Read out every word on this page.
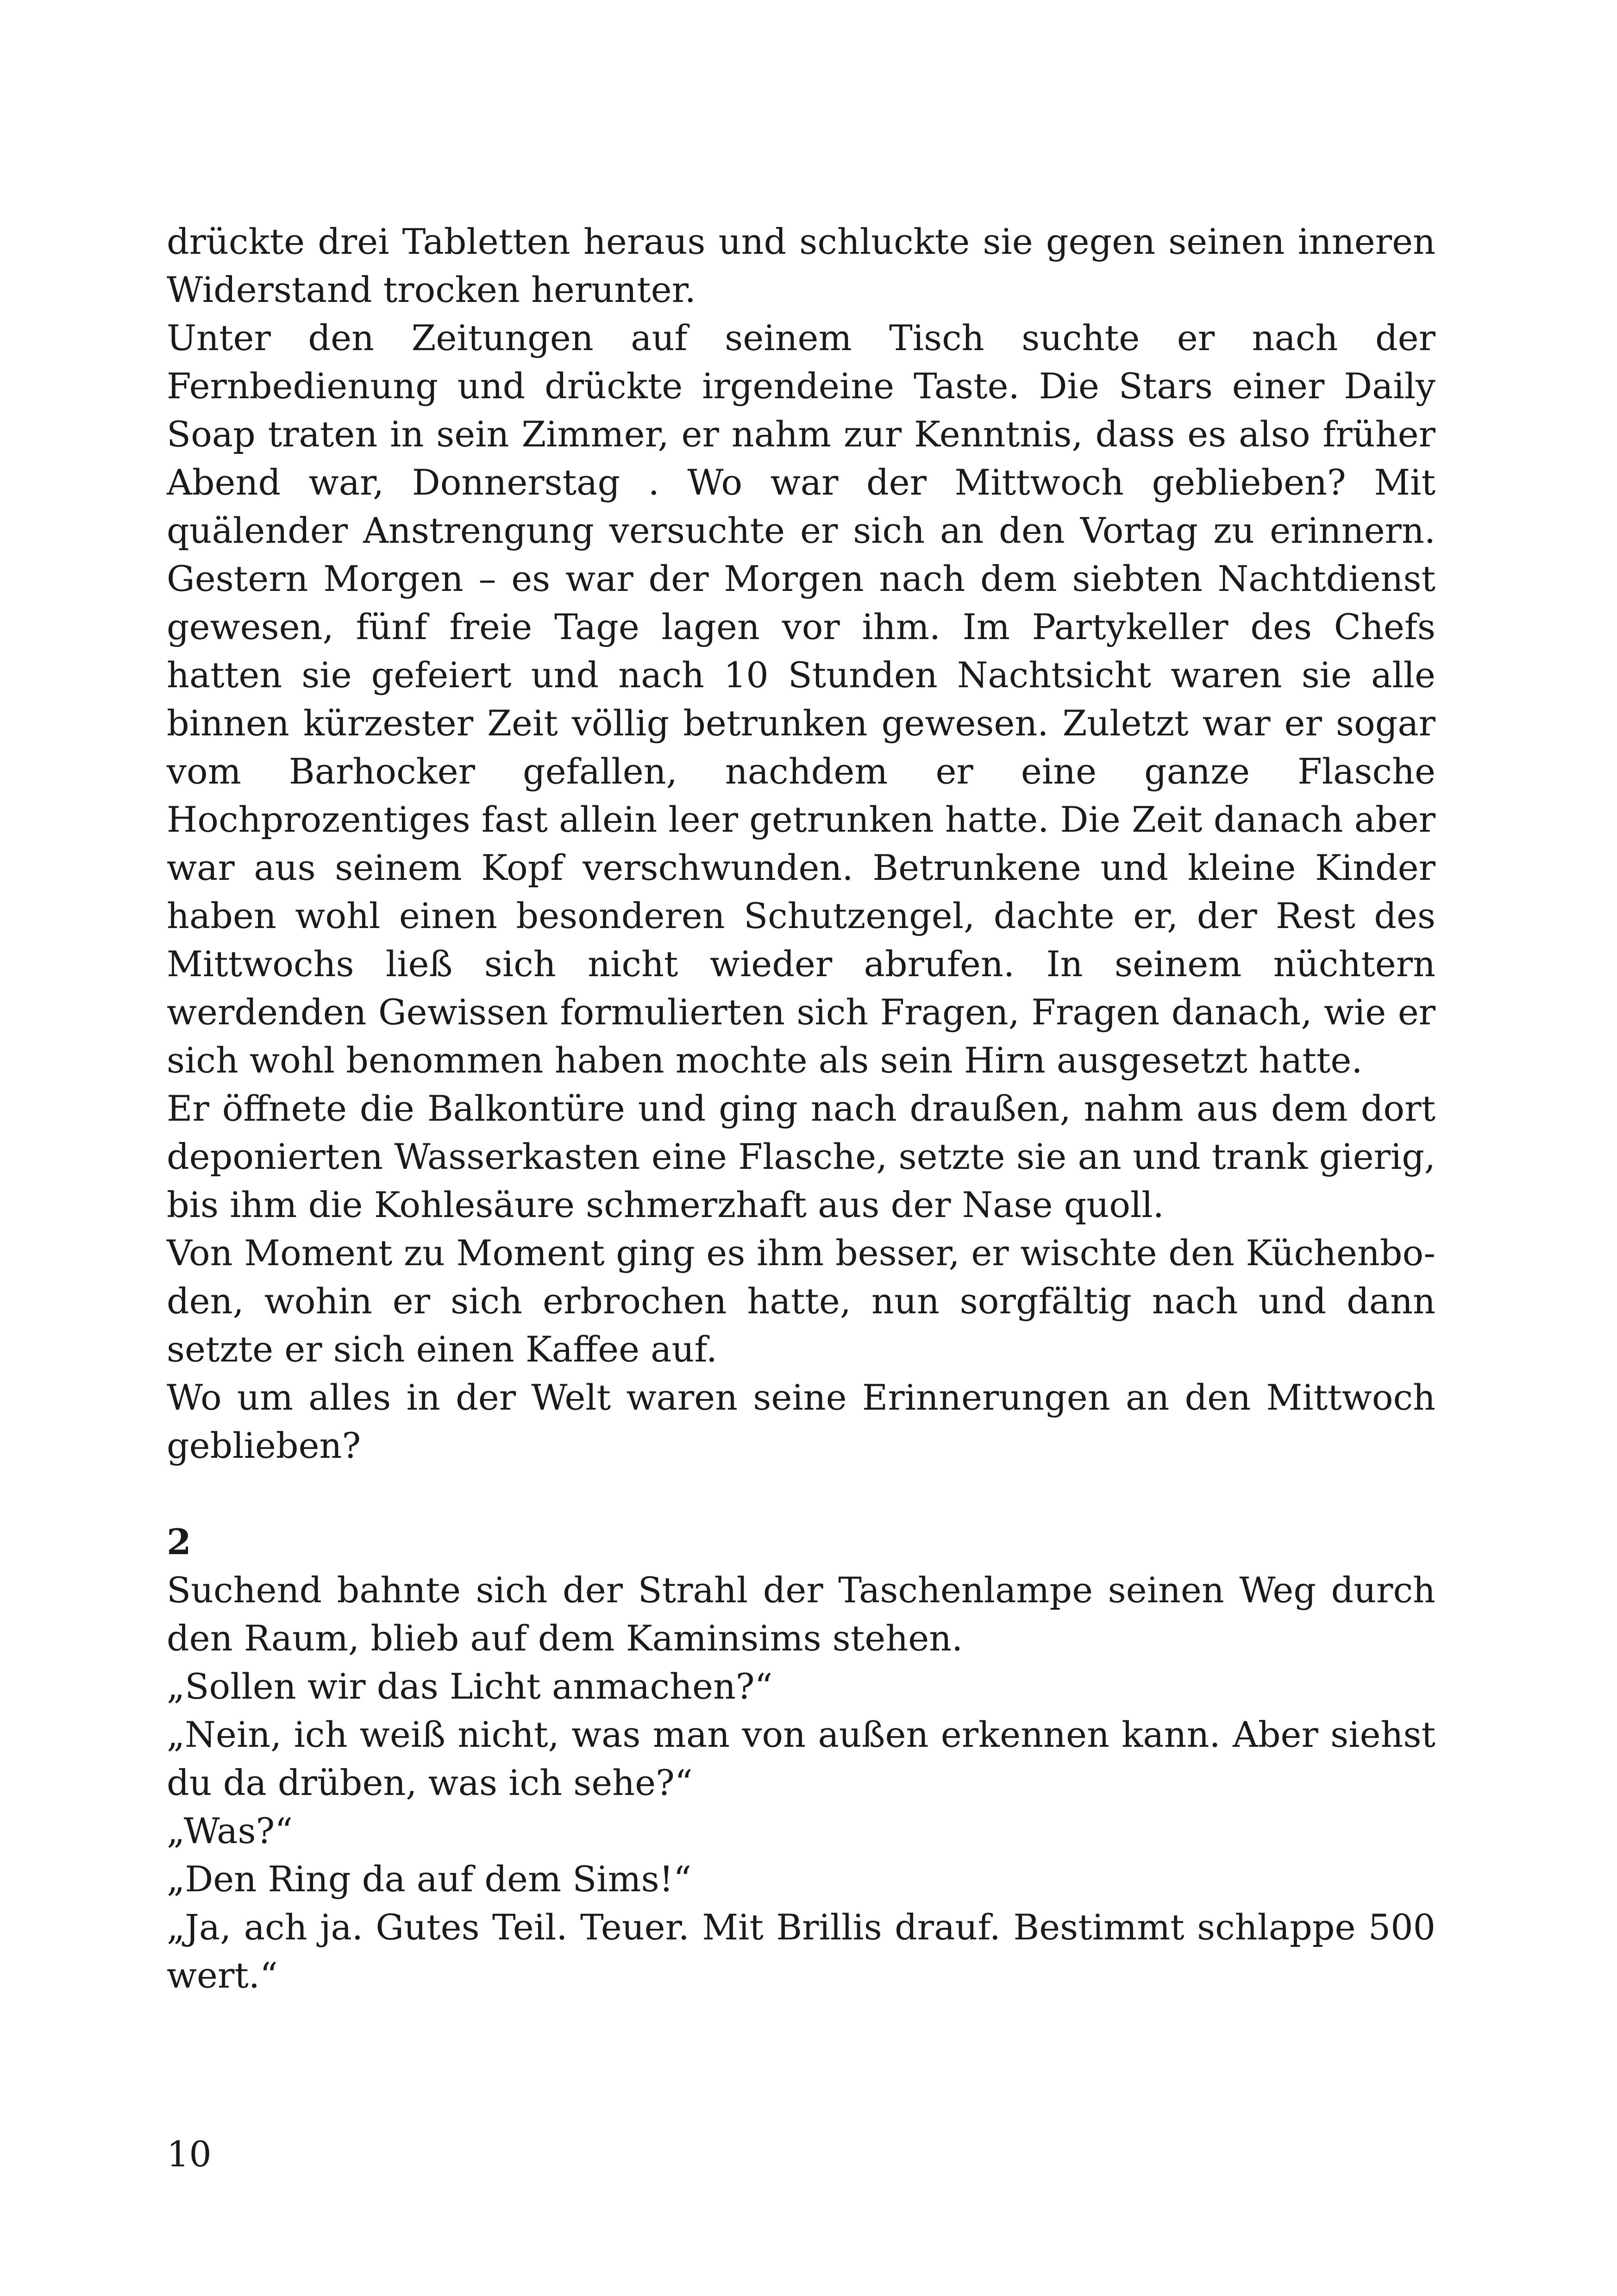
drückte drei Tabletten heraus und schluckte sie gegen seinen inneren Widerstand trocken herunter.

Unter den Zeitungen auf seinem Tisch suchte er nach der Fernbedienung und drückte irgendeine Taste. Die Stars einer Daily Soap traten in sein Zimmer, er nahm zur Kenntnis, dass es also früher Abend war, Donnerstag . Wo war der Mittwoch geblieben? Mit quälender Anstrengung versuchte er sich an den Vortag zu erinnern. Gestern Morgen – es war der Morgen nach dem siebten Nachtdienst gewesen, fünf freie Tage lagen vor ihm. Im Partykeller des Chefs hatten sie gefeiert und nach 10 Stunden Nachtsicht waren sie alle binnen kürzester Zeit völlig betrunken gewesen. Zuletzt war er sogar vom Barhocker gefallen, nachdem er eine ganze Flasche Hochprozentiges fast allein leer getrunken hatte. Die Zeit danach aber war aus seinem Kopf verschwunden. Betrunkene und kleine Kinder haben wohl einen besonderen Schutzengel, dachte er, der Rest des Mittwochs ließ sich nicht wieder abrufen. In seinem nüchtern werdenden Gewissen formulierten sich Fragen, Fragen danach, wie er sich wohl benommen haben mochte als sein Hirn ausgesetzt hatte.

Er öffnete die Balkontüre und ging nach draußen, nahm aus dem dort deponierten Wasserkasten eine Flasche, setzte sie an und trank gierig, bis ihm die Kohlesäure schmerzhaft aus der Nase quoll.

Von Moment zu Moment ging es ihm besser, er wischte den Küchenboden, wohin er sich erbrochen hatte, nun sorgfältig nach und dann setzte er sich einen Kaffee auf.

Wo um alles in der Welt waren seine Erinnerungen an den Mittwoch geblieben?

2

Suchend bahnte sich der Strahl der Taschenlampe seinen Weg durch den Raum, blieb auf dem Kaminsims stehen.

„Sollen wir das Licht anmachen?“

„Nein, ich weiß nicht, was man von außen erkennen kann. Aber siehst du da drüben, was ich sehe?“

„Was?“

„Den Ring da auf dem Sims!“

„Ja, ach ja. Gutes Teil. Teuer. Mit Brillis drauf. Bestimmt schlappe 500 wert.“

10
